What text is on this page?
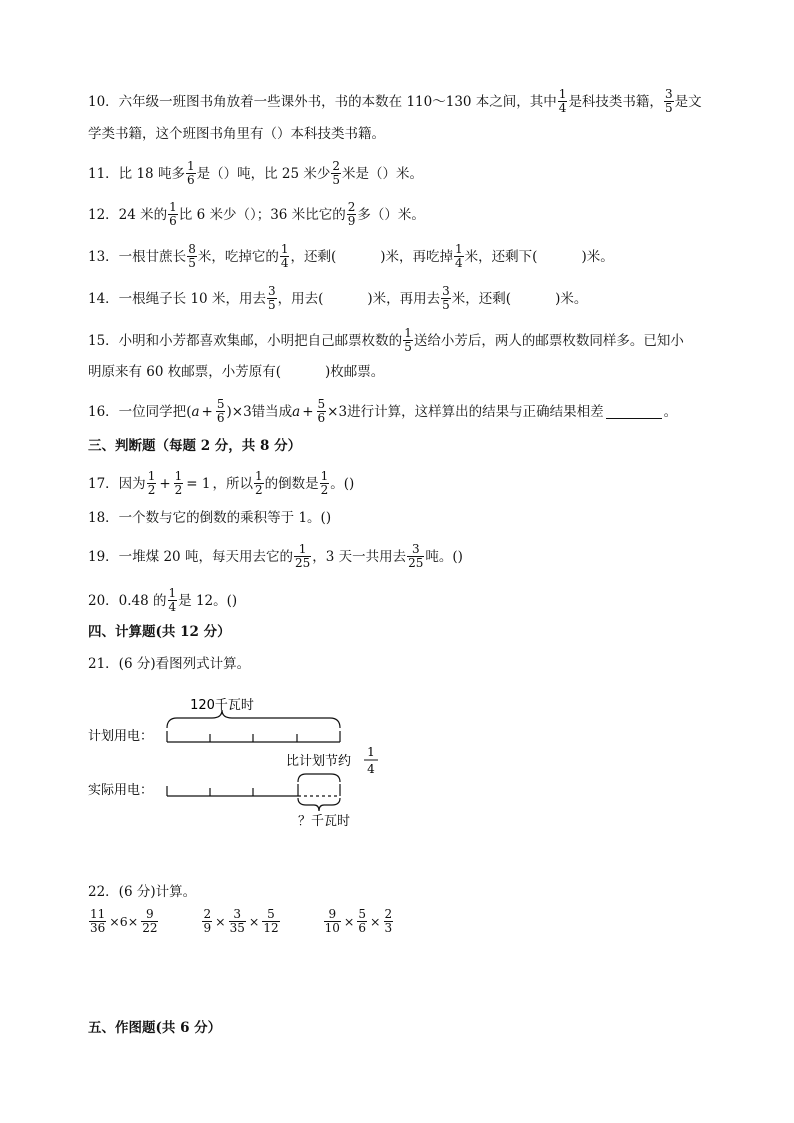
10．六年级一班图书角放着一些课外书，书的本数在 110～130 本之间，其中 $\frac{1}{4}$ 是科技类书籍， $\frac{3}{5}$ 是文
学类书籍，这个班图书角里有（）本科技类书籍。
11．比 18 吨多 $\frac{1}{6}$ 是（）吨，比 25 米少 $\frac{2}{5}$ 米是（）米。
12．24 米的 $\frac{1}{6}$ 比 6 米少（）；36 米比它的 $\frac{2}{9}$ 多（）米。
13．一根甘蔗长 $\frac{8}{5}$ 米，吃掉它的 $\frac{1}{4}$ ，还剩(	)米，再吃掉 $\frac{1}{4}$ 米，还剩下(	)米。
14．一根绳子长 10 米，用去 $\frac{3}{5}$ ，用去(	)米，再用去 $\frac{3}{5}$ 米，还剩(	)米。
15．小明和小芳都喜欢集邮，小明把自己邮票枚数的 $\frac{1}{5}$ 送给小芳后，两人的邮票枚数同样多。已知小
明原来有 60 枚邮票，小芳原有(	)枚邮票。
16．一位同学把 ( $a + \frac{5}{6} )\times 3$ 错当成 $a + \frac{5}{6} \times 3$ 进行计算，这样算出的结果与正确结果相差	。
三、判断题（每题 2 分，共 8 分）
17．因为 $\frac{1}{2} + \frac{1}{2} = 1$ ，所以 $\frac{1}{2}$ 的倒数是 $\frac{1}{2}$ 。()
18．一个数与它的倒数的乘积等于 1。()
19．一堆煤 20 吨，每天用去它的 $\frac{1}{25}$ ，3 天一共用去 $\frac{3}{25}$ 吨。()
20．0.48 的 $\frac{1}{4}$ 是 12。()
四、计算题(共 12 分）
21．(6 分)看图列式计算。
120千瓦时
计划用电：
比计划节约
1
4
实际用电：
？千瓦时
22．(6 分)计算。
$\frac{11}{36} \times 6\times \frac{9}{22}$	$\frac{2}{9} \times \frac{3}{35} \times \frac{5}{12}$	$\frac{9}{10} \times \frac{5}{6} \times \frac{2}{3}$
五、作图题(共 6 分）
